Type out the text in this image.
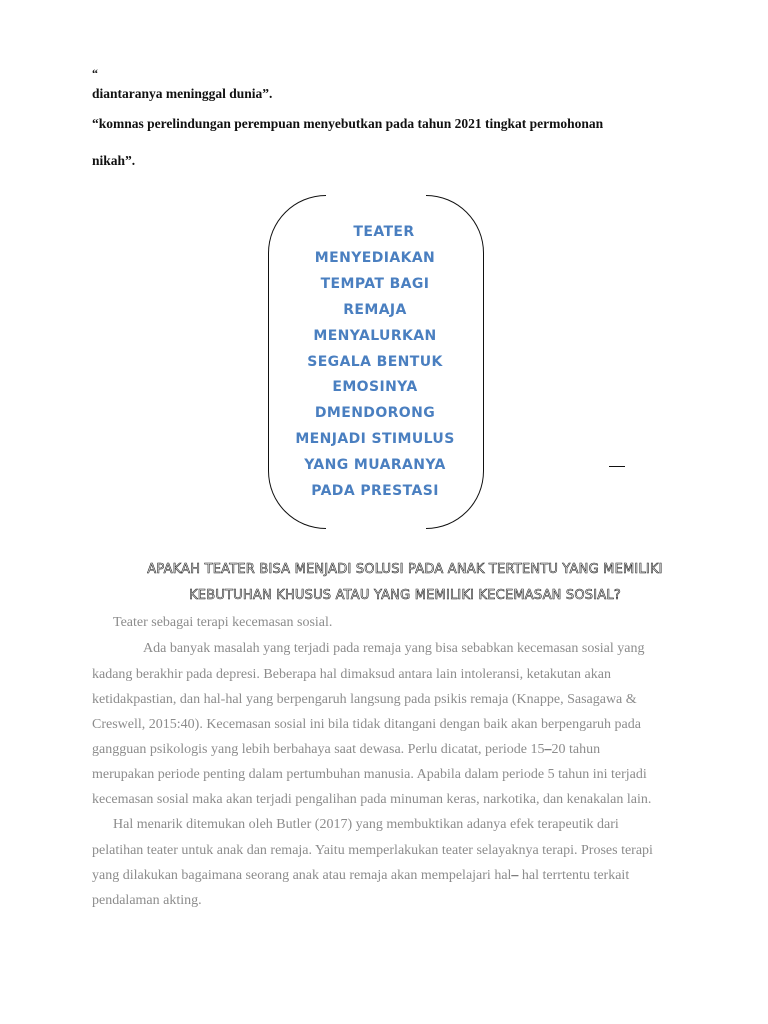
“
diantaranya meninggal dunia”.
“komnas perelindungan perempuan menyebutkan pada tahun 2021 tingkat permohonan
nikah”.
TEATER
MENYEDIAKAN
TEMPAT BAGI
REMAJA
MENYALURKAN
SEGALA BENTUK
EMOSINYA
DMENDORONG
MENJADI STIMULUS
YANG MUARANYA
PADA PRESTASI
APAKAH TEATER BISA MENJADI SOLUSI PADA ANAK TERTENTU YANG MEMILIKI
KEBUTUHAN KHUSUS ATAU YANG MEMILIKI KECEMASAN SOSIAL?
Teater sebagai terapi kecemasan sosial.
Ada banyak masalah yang terjadi pada remaja yang bisa sebabkan kecemasan sosial yang
kadang berakhir pada depresi. Beberapa hal dimaksud antara lain intoleransi, ketakutan akan
ketidakpastian, dan hal-hal yang berpengaruh langsung pada psikis remaja (Knappe, Sasagawa &
Creswell, 2015:40). Kecemasan sosial ini bila tidak ditangani dengan baik akan berpengaruh pada
gangguan psikologis yang lebih berbahaya saat dewasa. Perlu dicatat, periode 15–20 tahun
merupakan periode penting dalam pertumbuhan manusia. Apabila dalam periode 5 tahun ini terjadi
kecemasan sosial maka akan terjadi pengalihan pada minuman keras, narkotika, dan kenakalan lain.
Hal menarik ditemukan oleh Butler (2017) yang membuktikan adanya efek terapeutik dari
pelatihan teater untuk anak dan remaja. Yaitu memperlakukan teater selayaknya terapi. Proses terapi
yang dilakukan bagaimana seorang anak atau remaja akan mempelajari hal– hal terrtentu terkait
pendalaman akting.
